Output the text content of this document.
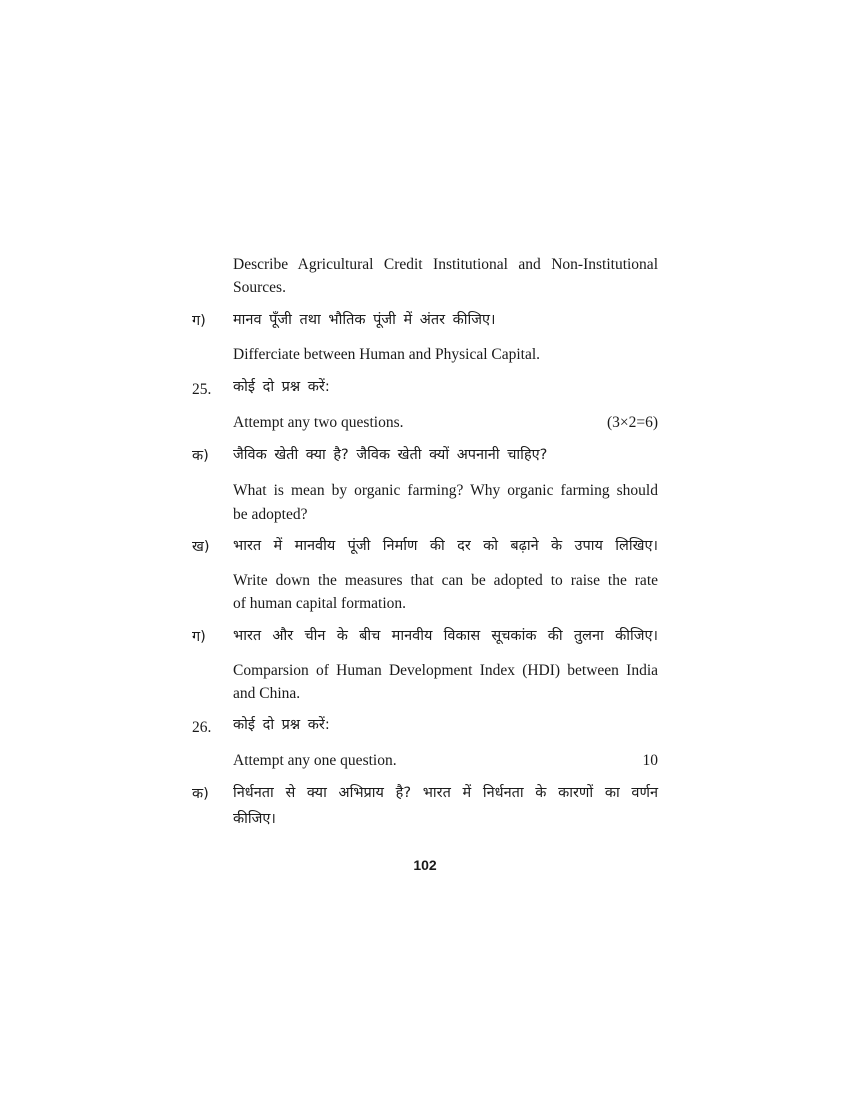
Describe Agricultural Credit Institutional and Non-Institutional
Sources.
ग) मानव पूँजी तथा भौतिक पूंजी में अंतर कीजिए।
Differciate between Human and Physical Capital.
25. कोई दो प्रश्न करें:
Attempt any two questions.	(3×2=6)
क) जैविक खेती क्या है? जैविक खेती क्यों अपनानी चाहिए?
What is mean by organic farming? Why organic farming should
be adopted?
ख) भारत में मानवीय पूंजी निर्माण की दर को बढ़ाने के उपाय लिखिए।
Write down the measures that can be adopted to raise the rate
of human capital formation.
ग) भारत और चीन के बीच मानवीय विकास सूचकांक की तुलना कीजिए।
Comparsion of Human Development Index (HDI) between India
and China.
26. कोई दो प्रश्न करें:
Attempt any one question.	10
क) निर्धनता से क्या अभिप्राय है? भारत में निर्धनता के कारणों का वर्णन
कीजिए।
102
